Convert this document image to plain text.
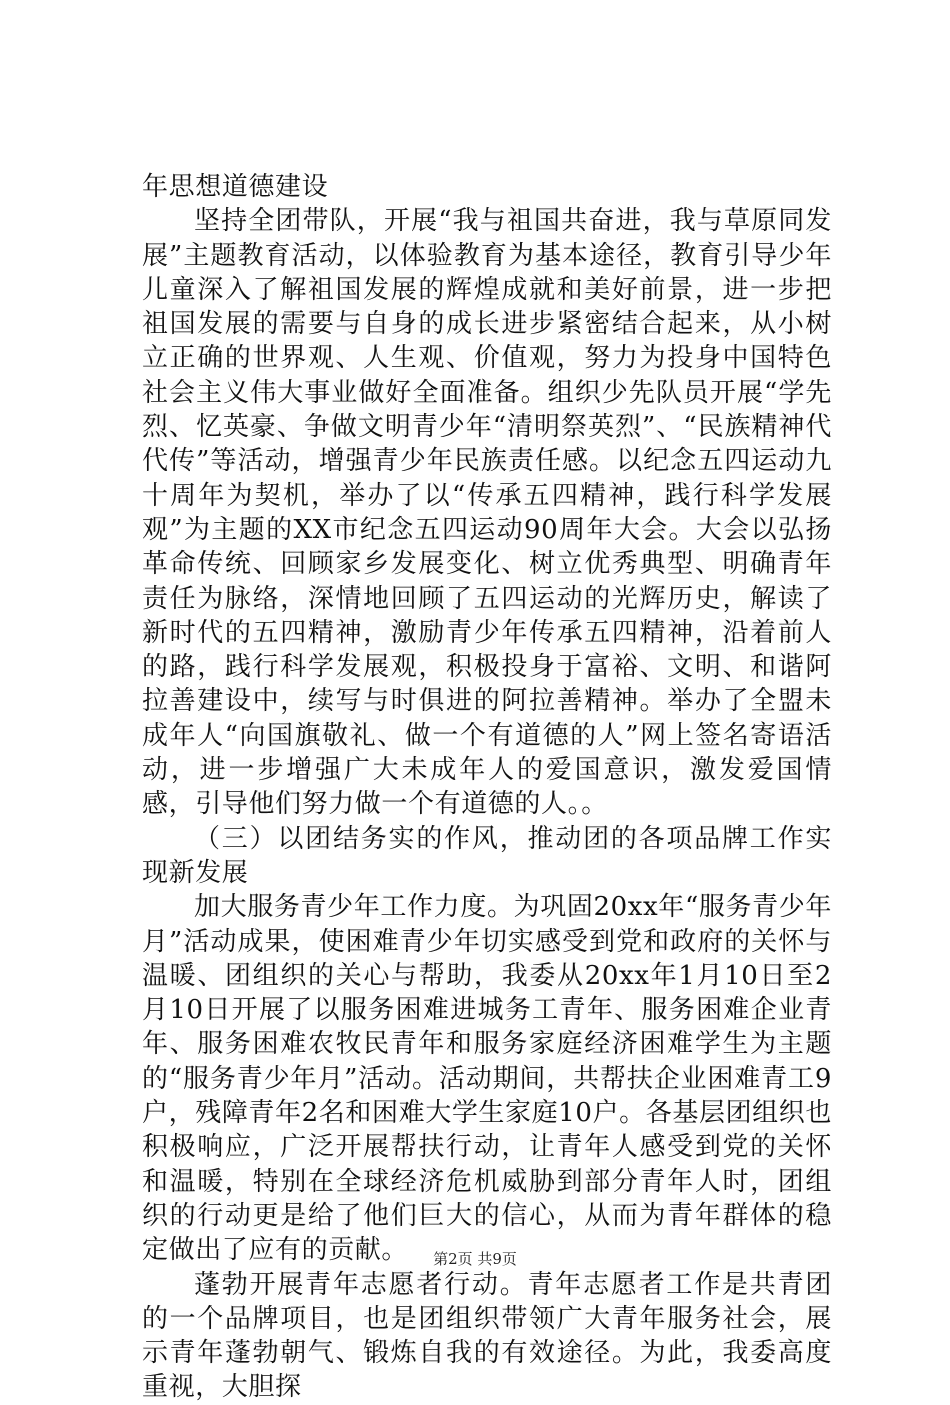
年思想道德建设

坚持全团带队，开展“我与祖国共奋进，我与草原同发展”主题教育活动，以体验教育为基本途径，教育引导少年儿童深入了解祖国发展的辉煌成就和美好前景，进一步把祖国发展的需要与自身的成长进步紧密结合起来，从小树立正确的世界观、人生观、价值观，努力为投身中国特色社会主义伟大事业做好全面准备。组织少先队员开展“学先烈、忆英豪、争做文明青少年“清明祭英烈”、“民族精神代代传”等活动，增强青少年民族责任感。以纪念五四运动九十周年为契机，举办了以“传承五四精神，践行科学发展观”为主题的XX市纪念五四运动90周年大会。大会以弘扬革命传统、回顾家乡发展变化、树立优秀典型、明确青年责任为脉络，深情地回顾了五四运动的光辉历史，解读了新时代的五四精神，激励青少年传承五四精神，沿着前人的路，践行科学发展观，积极投身于富裕、文明、和谐阿拉善建设中，续写与时俱进的阿拉善精神。举办了全盟未成年人“向国旗敬礼、做一个有道德的人”网上签名寄语活动，进一步增强广大未成年人的爱国意识，激发爱国情感，引导他们努力做一个有道德的人。。

（三）以团结务实的作风，推动团的各项品牌工作实现新发展

加大服务青少年工作力度。为巩固20xx年“服务青少年月”活动成果，使困难青少年切实感受到党和政府的关怀与温暖、团组织的关心与帮助，我委从20xx年1月10日至2月10日开展了以服务困难进城务工青年、服务困难企业青年、服务困难农牧民青年和服务家庭经济困难学生为主题的“服务青少年月”活动。活动期间，共帮扶企业困难青工9户，残障青年2名和困难大学生家庭10户。各基层团组织也积极响应，广泛开展帮扶行动，让青年人感受到党的关怀和温暖，特别在全球经济危机威胁到部分青年人时，团组织的行动更是给了他们巨大的信心，从而为青年群体的稳定做出了应有的贡献。

蓬勃开展青年志愿者行动。青年志愿者工作是共青团的一个品牌项目，也是团组织带领广大青年服务社会，展示青年蓬勃朝气、锻炼自我的有效途径。为此，我委高度重视，大胆探

第2页 共9页
